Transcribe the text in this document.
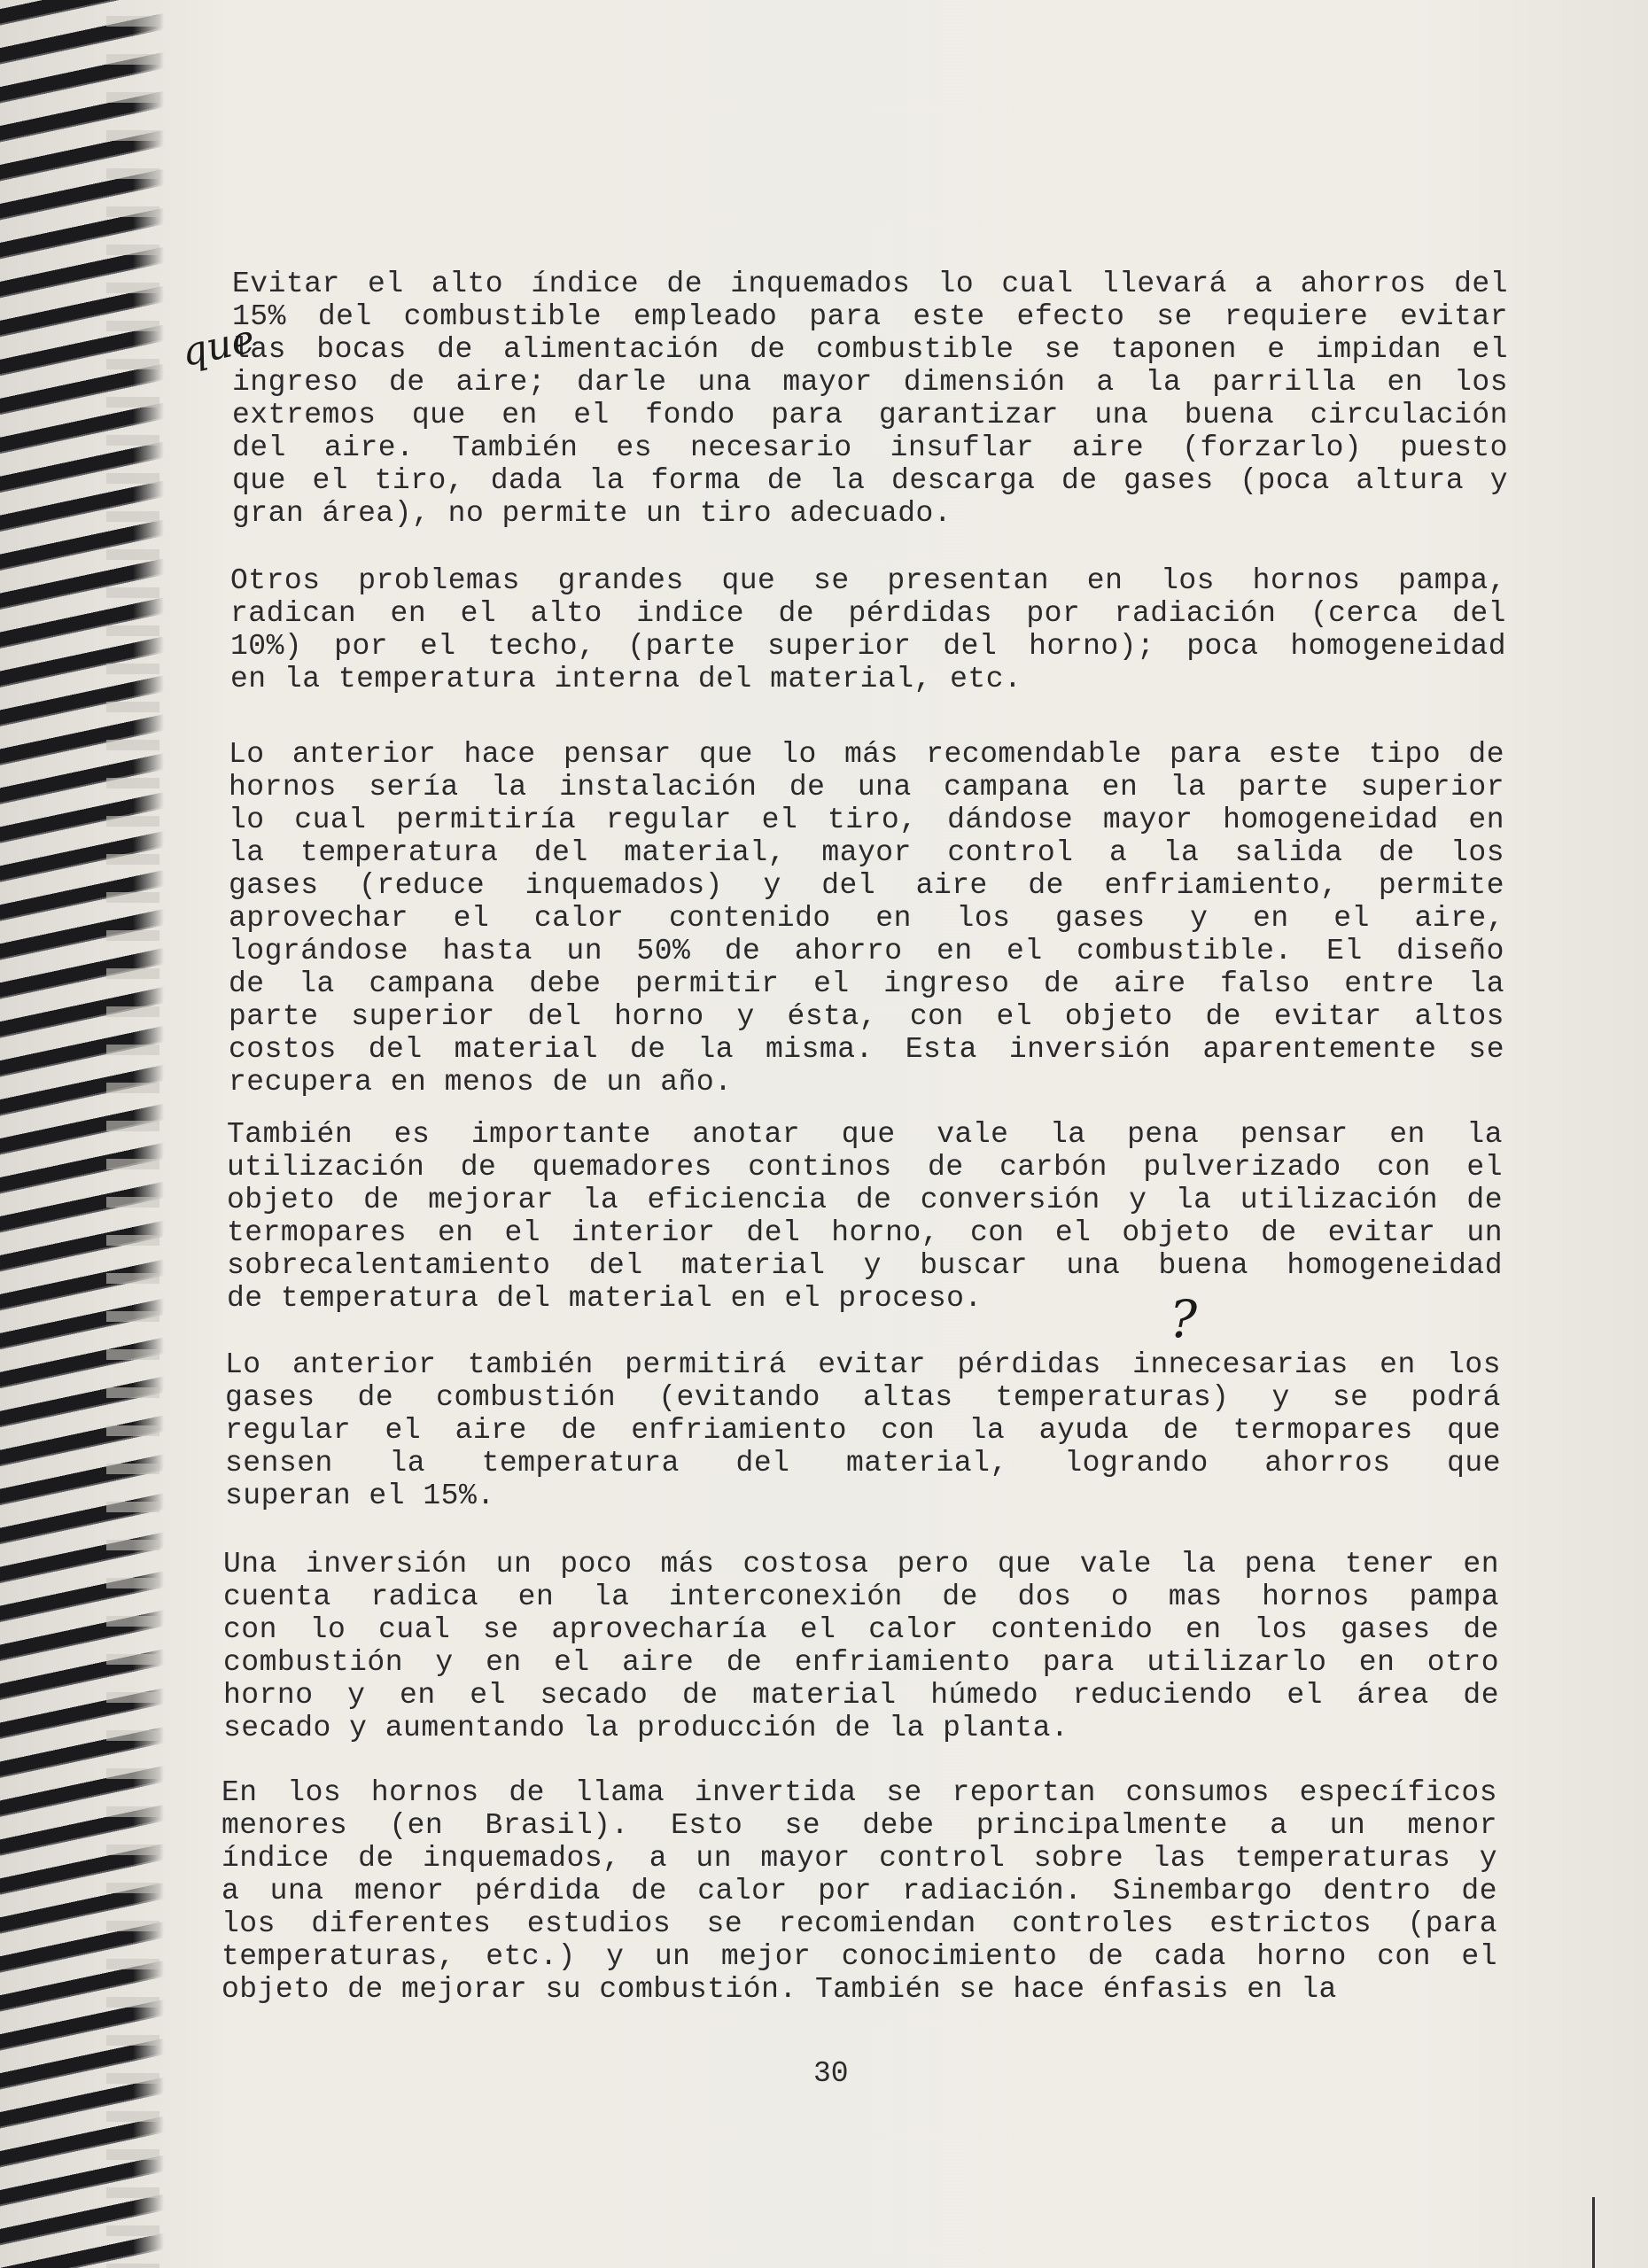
Evitar el alto índice de inquemados lo cual llevará a ahorros del
15% del combustible empleado para este efecto se requiere evitar
las bocas de alimentación de combustible se taponen e impidan el
ingreso de aire; darle una mayor dimensión a la parrilla en los
extremos que en el fondo para garantizar una buena circulación
del aire. También es necesario insuflar aire (forzarlo) puesto
que el tiro, dada la forma de la descarga de gases (poca altura y
gran área), no permite un tiro adecuado.
Otros problemas grandes que se presentan en los hornos pampa,
radican en el alto indice de pérdidas por radiación (cerca del
10%) por el techo, (parte superior del horno); poca homogeneidad
en la temperatura interna del material, etc.
Lo anterior hace pensar que lo más recomendable para este tipo de
hornos sería la instalación de una campana en la parte superior
lo cual permitiría regular el tiro, dándose mayor homogeneidad en
la temperatura del material, mayor control a la salida de los
gases (reduce inquemados) y del aire de enfriamiento, permite
aprovechar el calor contenido en los gases y en el aire,
lográndose hasta un 50% de ahorro en el combustible. El diseño
de la campana debe permitir el ingreso de aire falso entre la
parte superior del horno y ésta, con el objeto de evitar altos
costos del material de la misma. Esta inversión aparentemente se
recupera en menos de un año.
También es importante anotar que vale la pena pensar en la
utilización de quemadores continos de carbón pulverizado con el
objeto de mejorar la eficiencia de conversión y la utilización de
termopares en el interior del horno, con el objeto de evitar un
sobrecalentamiento del material y buscar una buena homogeneidad
de temperatura del material en el proceso.
Lo anterior también permitirá evitar pérdidas innecesarias en los
gases de combustión (evitando altas temperaturas) y se podrá
regular el aire de enfriamiento con la ayuda de termopares que
sensen la temperatura del material, logrando ahorros que
superan el 15%.
Una inversión un poco más costosa pero que vale la pena tener en
cuenta radica en la interconexión de dos o mas hornos pampa
con lo cual se aprovecharía el calor contenido en los gases de
combustión y en el aire de enfriamiento para utilizarlo en otro
horno y en el secado de material húmedo reduciendo el área de
secado y aumentando la producción de la planta.
En los hornos de llama invertida se reportan consumos específicos
menores (en Brasil). Esto se debe principalmente a un menor
índice de inquemados, a un mayor control sobre las temperaturas y
a una menor pérdida de calor por radiación. Sinembargo dentro de
los diferentes estudios se recomiendan controles estrictos (para
temperaturas, etc.) y un mejor conocimiento de cada horno con el
objeto de mejorar su combustión. También se hace énfasis en la
que
?
30
